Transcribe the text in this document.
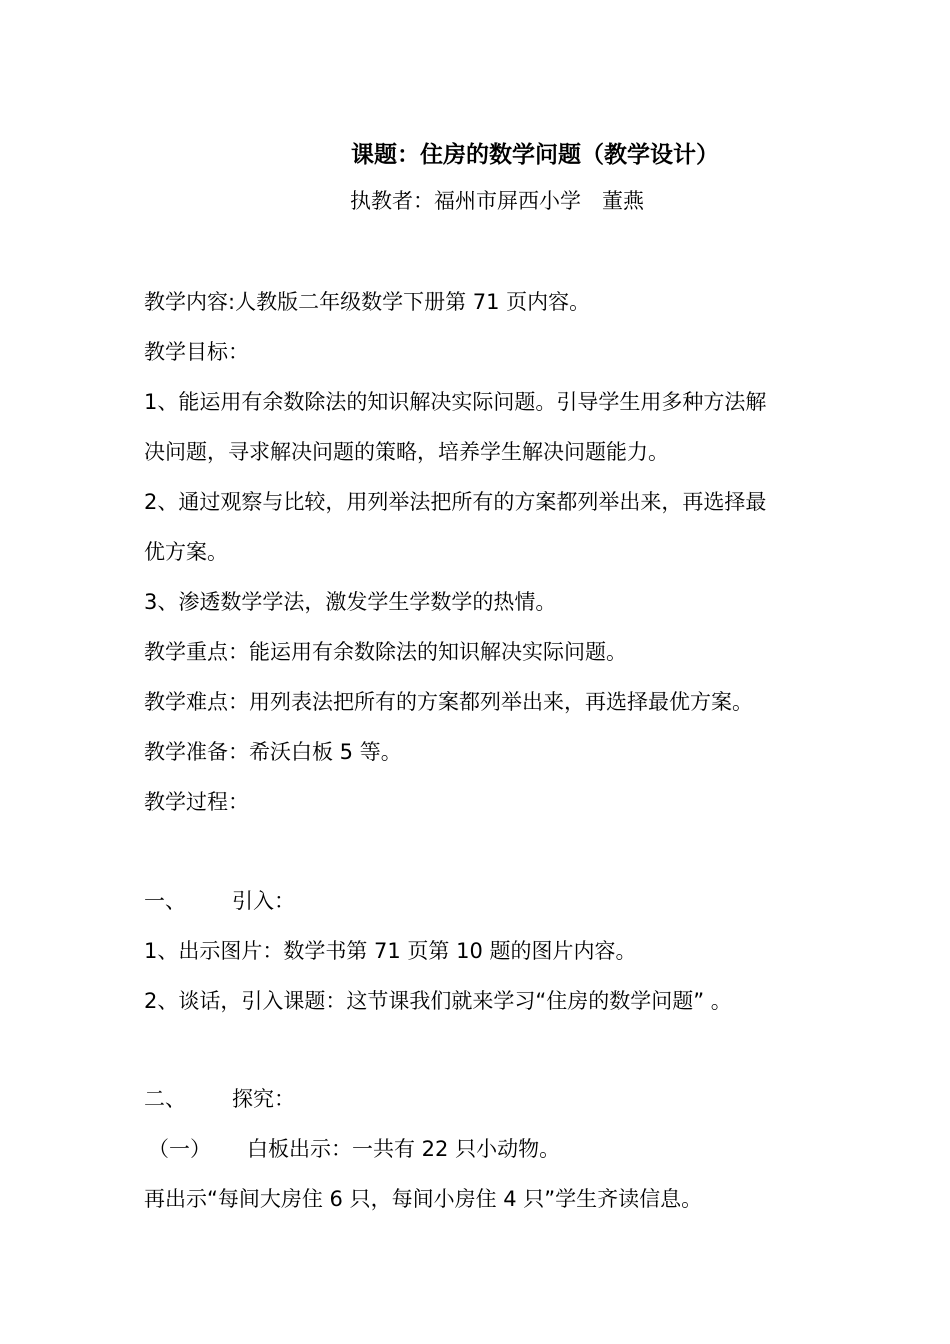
课题：住房的数学问题（教学设计）
执教者：福州市屏西小学　董燕
教学内容:人教版二年级数学下册第 71 页内容。
教学目标：
1、能运用有余数除法的知识解决实际问题。引导学生用多种方法解
决问题，寻求解决问题的策略，培养学生解决问题能力。
2、通过观察与比较，用列举法把所有的方案都列举出来，再选择最
优方案。
3、渗透数学学法，激发学生学数学的热情。
教学重点：能运用有余数除法的知识解决实际问题。
教学难点：用列表法把所有的方案都列举出来，再选择最优方案。
教学准备：希沃白板 5 等。
教学过程：
一、 引入：
1、出示图片：数学书第 71 页第 10 题的图片内容。
2、谈话，引入课题：这节课我们就来学习“住房的数学问题” 。
二、 探究：
（一） 白板出示：一共有 22 只小动物。
再出示“每间大房住 6 只，每间小房住 4 只”学生齐读信息。
